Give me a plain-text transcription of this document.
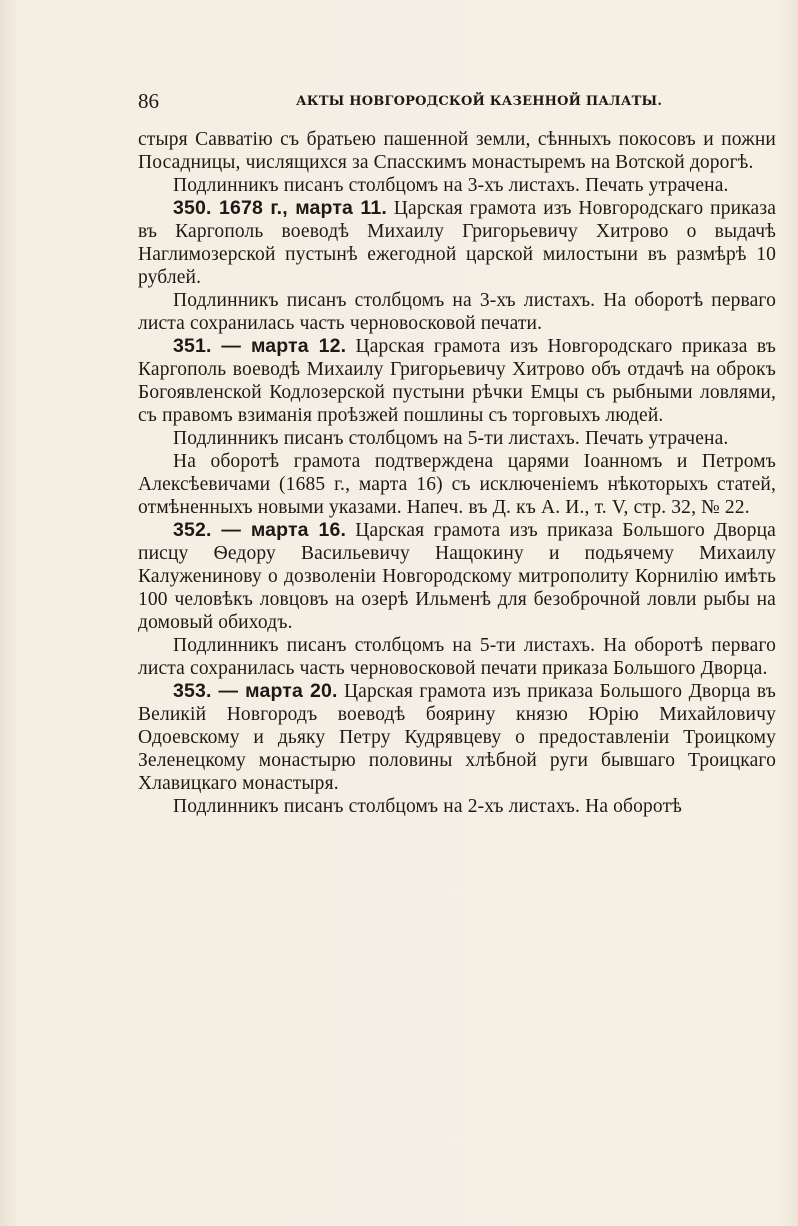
86	АКТЫ НОВГОРОДСКОЙ КАЗЕННОЙ ПАЛАТЫ.

стыря Савватію съ братьею пашенной земли, сѣнныхъ покосовъ и пожни Посадницы, числящихся за Спасскимъ монастыремъ на Вотской дорогѣ.

Подлинникъ писанъ столбцомъ на 3-хъ листахъ. Печать утрачена.

350. 1678 г., марта 11. Царская грамота изъ Новгородскаго приказа въ Каргополь воеводѣ Михаилу Григорьевичу Хитрово о выдачѣ Наглимозерской пустынѣ ежегодной царской милостыни въ размѣрѣ 10 рублей.

Подлинникъ писанъ столбцомъ на 3-хъ листахъ. На оборотѣ перваго листа сохранилась часть черновосковой печати.

351. — марта 12. Царская грамота изъ Новгородскаго приказа въ Каргополь воеводѣ Михаилу Григорьевичу Хитрово объ отдачѣ на оброкъ Богоявленской Кодлозерской пустыни рѣчки Емцы съ рыбными ловлями, съ правомъ взиманія проѣзжей пошлины съ торговыхъ людей.

Подлинникъ писанъ столбцомъ на 5-ти листахъ. Печать утрачена.

На оборотѣ грамота подтверждена царями Іоанномъ и Петромъ Алексѣевичами (1685 г., марта 16) съ исключеніемъ нѣкоторыхъ статей, отмѣненныхъ новыми указами. Напеч. въ Д. къ А. И., т. V, стр. 32, № 22.

352. — марта 16. Царская грамота изъ приказа Большого Дворца писцу Ѳедору Васильевичу Нащокину и подьячему Михаилу Калуженинову о дозволеніи Новгородскому митрополиту Корнилію имѣть 100 человѣкъ ловцовъ на озерѣ Ильменѣ для безоброчной ловли рыбы на домовый обиходъ.

Подлинникъ писанъ столбцомъ на 5-ти листахъ. На оборотѣ перваго листа сохранилась часть черновосковой печати приказа Большого Дворца.

353. — марта 20. Царская грамота изъ приказа Большого Дворца въ Великій Новгородъ воеводѣ боярину князю Юрію Михайловичу Одоевскому и дьяку Петру Кудрявцеву о предоставленіи Троицкому Зеленецкому монастырю половины хлѣбной руги бывшаго Троицкаго Хлавицкаго монастыря.

Подлинникъ писанъ столбцомъ на 2-хъ листахъ. На оборотѣ
